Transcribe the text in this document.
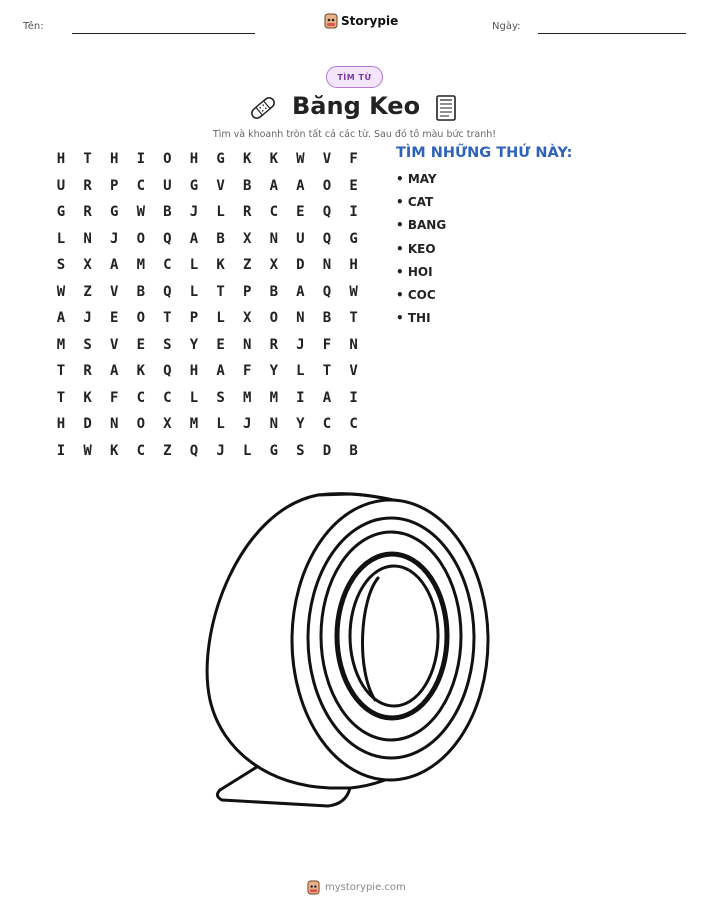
Tên:	Storypie	Ngày:
TÌM TỪ
Băng Keo
Tìm và khoanh tròn tất cả các từ. Sau đó tô màu bức tranh!
H	T	H	I	O	H	G	K	K	W	V	F
U	R	P	C	U	G	V	B	A	A	O	E
G	R	G	W	B	J	L	R	C	E	Q	I
L	N	J	O	Q	A	B	X	N	U	Q	G
S	X	A	M	C	L	K	Z	X	D	N	H
W	Z	V	B	Q	L	T	P	B	A	Q	W
A	J	E	O	T	P	L	X	O	N	B	T
M	S	V	E	S	Y	E	N	R	J	F	N
T	R	A	K	Q	H	A	F	Y	L	T	V
T	K	F	C	C	L	S	M	M	I	A	I
H	D	N	O	X	M	L	J	N	Y	C	C
I	W	K	C	Z	Q	J	L	G	S	D	B
TÌM NHỮNG THỨ NÀY:
• MAY
• CAT
• BANG
• KEO
• HOI
• COC
• THI
mystorypie.com
